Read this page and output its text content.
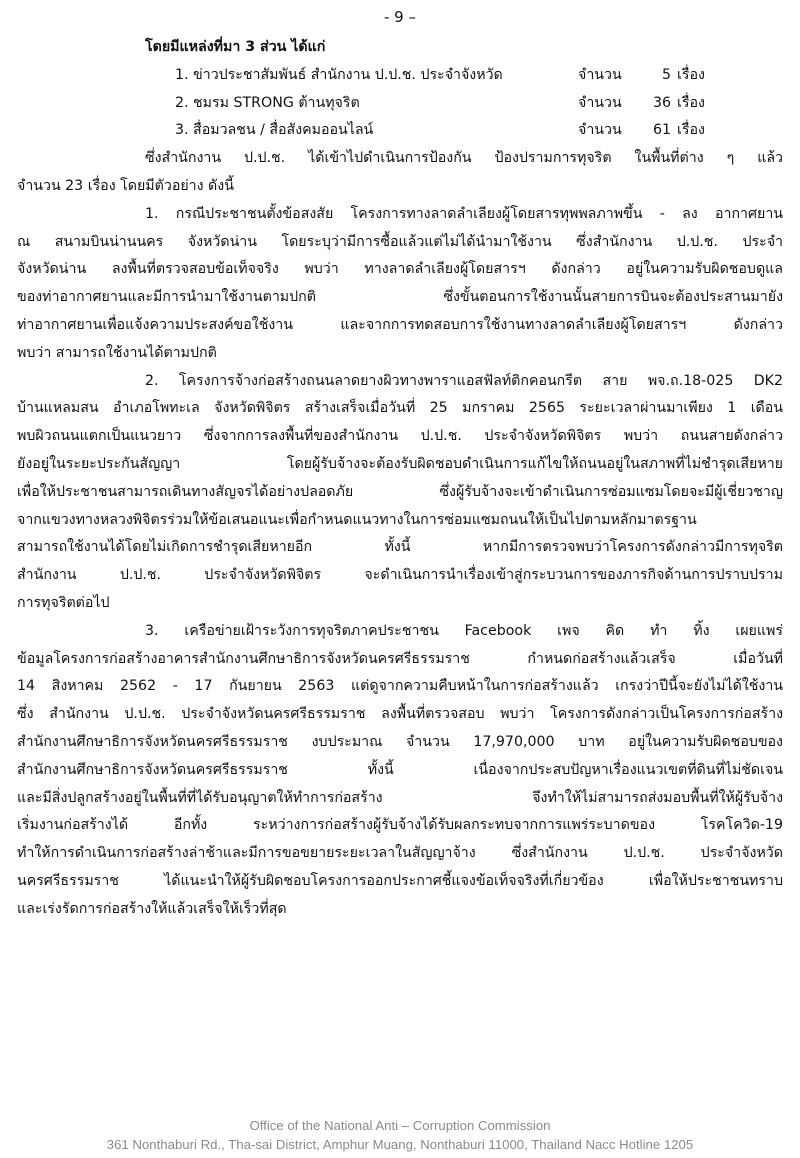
- 9 –
โดยมีแหล่งที่มา 3 ส่วน ได้แก่
1. ข่าวประชาสัมพันธ์ สำนักงาน ป.ป.ช. ประจำจังหวัด	จำนวน	5 เรื่อง
2. ชมรม STRONG ต้านทุจริต	จำนวน 36 เรื่อง
3. สื่อมวลชน / สื่อสังคมออนไลน์	จำนวน 61 เรื่อง
ซึ่งสำนักงาน ป.ป.ช. ได้เข้าไปดำเนินการป้องกัน ป้องปรามการทุจริต ในพื้นที่ต่าง ๆ แล้ว
จำนวน 23 เรื่อง โดยมีตัวอย่าง ดังนี้
1. กรณีประชาชนตั้งข้อสงสัย โครงการทางลาดลำเลียงผู้โดยสารทุพพลภาพขึ้น - ลง อากาศยาน
ณ สนามบินน่านนคร จังหวัดน่าน โดยระบุว่ามีการซื้อแล้วแต่ไม่ได้นำมาใช้งาน ซึ่งสำนักงาน ป.ป.ช. ประจำ
จังหวัดน่าน ลงพื้นที่ตรวจสอบข้อเท็จจริง พบว่า ทางลาดลำเลียงผู้โดยสารฯ ดังกล่าว อยู่ในความรับผิดชอบดูแล
ของท่าอากาศยานและมีการนำมาใช้งานตามปกติ ซึ่งขั้นตอนการใช้งานนั้นสายการบินจะต้องประสานมายัง
ท่าอากาศยานเพื่อแจ้งความประสงค์ขอใช้งาน และจากการทดสอบการใช้งานทางลาดลำเลียงผู้โดยสารฯ ดังกล่าว
พบว่า สามารถใช้งานได้ตามปกติ
2. โครงการจ้างก่อสร้างถนนลาดยางผิวทางพาราแอสฟัลท์ติกคอนกรีต สาย พจ.ถ.18-025 DK2
บ้านแหลมสน อำเภอโพทะเล จังหวัดพิจิตร สร้างเสร็จเมื่อวันที่ 25 มกราคม 2565 ระยะเวลาผ่านมาเพียง 1 เดือน
พบผิวถนนแตกเป็นแนวยาว ซึ่งจากการลงพื้นที่ของสำนักงาน ป.ป.ช. ประจำจังหวัดพิจิตร พบว่า ถนนสายดังกล่าว
ยังอยู่ในระยะประกันสัญญา โดยผู้รับจ้างจะต้องรับผิดชอบดำเนินการแก้ไขให้ถนนอยู่ในสภาพที่ไม่ชำรุดเสียหาย
เพื่อให้ประชาชนสามารถเดินทางสัญจรได้อย่างปลอดภัย ซึ่งผู้รับจ้างจะเข้าดำเนินการซ่อมแซมโดยจะมีผู้เชี่ยวชาญ
จากแขวงทางหลวงพิจิตรร่วมให้ข้อเสนอแนะเพื่อกำหนดแนวทางในการซ่อมแซมถนนให้เป็นไปตามหลักมาตรฐาน
สามารถใช้งานได้โดยไม่เกิดการชำรุดเสียหายอีก ทั้งนี้ หากมีการตรวจพบว่าโครงการดังกล่าวมีการทุจริต
สำนักงาน ป.ป.ช. ประจำจังหวัดพิจิตร จะดำเนินการนำเรื่องเข้าสู่กระบวนการของภารกิจด้านการปราบปราม
การทุจริตต่อไป
3. เครือข่ายเฝ้าระวังการทุจริตภาคประชาชน Facebook เพจ คิด ทำ ทิ้ง เผยแพร่
ข้อมูลโครงการก่อสร้างอาคารสำนักงานศึกษาธิการจังหวัดนครศรีธรรมราช กำหนดก่อสร้างแล้วเสร็จ เมื่อวันที่
14 สิงหาคม 2562 - 17 กันยายน 2563 แต่ดูจากความคืบหน้าในการก่อสร้างแล้ว เกรงว่าปีนี้จะยังไม่ได้ใช้งาน
ซึ่ง สำนักงาน ป.ป.ช. ประจำจังหวัดนครศรีธรรมราช ลงพื้นที่ตรวจสอบ พบว่า โครงการดังกล่าวเป็นโครงการก่อสร้าง
สำนักงานศึกษาธิการจังหวัดนครศรีธรรมราช งบประมาณ จำนวน 17,970,000 บาท อยู่ในความรับผิดชอบของ
สำนักงานศึกษาธิการจังหวัดนครศรีธรรมราช ทั้งนี้ เนื่องจากประสบปัญหาเรื่องแนวเขตที่ดินที่ไม่ชัดเจน
และมีสิ่งปลูกสร้างอยู่ในพื้นที่ที่ได้รับอนุญาตให้ทำการก่อสร้าง จึงทำให้ไม่สามารถส่งมอบพื้นที่ให้ผู้รับจ้าง
เริ่มงานก่อสร้างได้ อีกทั้ง ระหว่างการก่อสร้างผู้รับจ้างได้รับผลกระทบจากการแพร่ระบาดของ โรคโควิด-19
ทำให้การดำเนินการก่อสร้างล่าช้าและมีการขอขยายระยะเวลาในสัญญาจ้าง ซึ่งสำนักงาน ป.ป.ช. ประจำจังหวัด
นครศรีธรรมราช ได้แนะนำให้ผู้รับผิดชอบโครงการออกประกาศชี้แจงข้อเท็จจริงที่เกี่ยวข้อง เพื่อให้ประชาชนทราบ
และเร่งรัดการก่อสร้างให้แล้วเสร็จให้เร็วที่สุด
Office of the National Anti – Corruption Commission
361 Nonthaburi Rd., Tha-sai District, Amphur Muang, Nonthaburi 11000, Thailand Nacc Hotline 1205
